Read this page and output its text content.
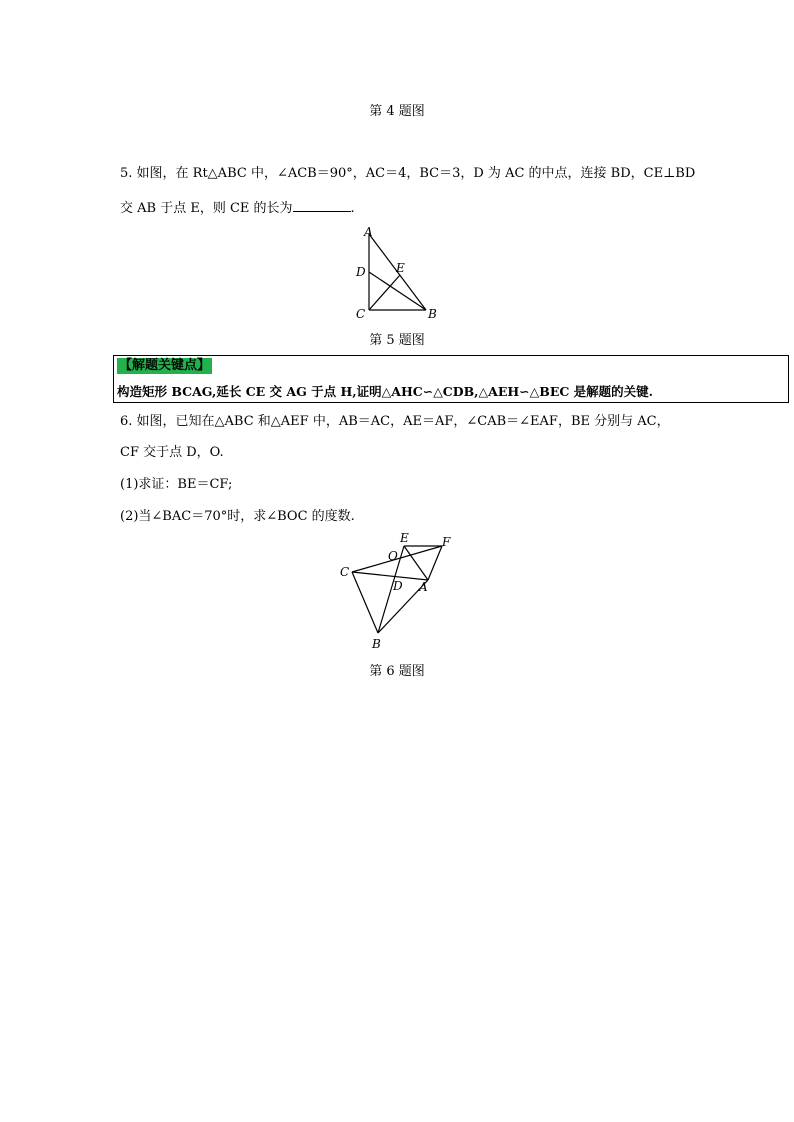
第 4 题图
5. 如图，在 Rt△ABC 中，∠ACB＝90°，AC＝4，BC＝3，D 为 AC 的中点，连接 BD，CE⊥BD
交 AB 于点 E，则 CE 的长为	.
A
D	E
C	B
第 5 题图
【解题关键点】
构造矩形 BCAG,延长 CE 交 AG 于点 H,证明△AHC∽△CDB,△AEH∽△BEC 是解题的关键.
6. 如图，已知在△ABC 和△AEF 中，AB＝AC，AE＝AF，∠CAB＝∠EAF，BE 分别与 AC，
CF 交于点 D，O.
(1)求证：BE＝CF;
(2)当∠BAC＝70°时，求∠BOC 的度数.
E	F
O
C
D A
B
第 6 题图
